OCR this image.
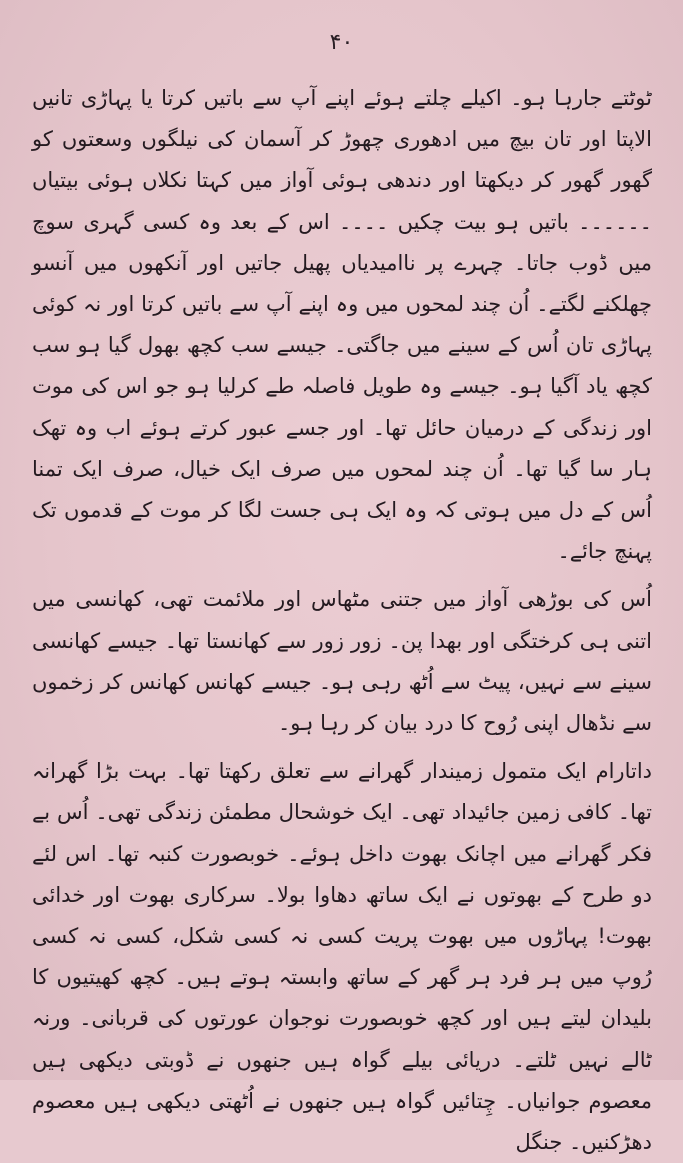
۴۰

ٹوٹتے جارہا ہو۔ اکیلے چلتے ہوئے اپنے آپ سے باتیں کرتا یا پہاڑی تانیں الاپتا اور تان بیچ میں ادھوری چھوڑ کر آسمان کی نیلگوں وسعتوں کو گھور گھور کر دیکھتا اور دندھی ہوئی آواز میں کہتا نکلاں ہوئی بیتیاں ۔۔۔۔۔۔ باتیں ہو بیت چکیں ۔۔۔۔ اس کے بعد وہ کسی گہری سوچ میں ڈوب جاتا۔ چہرے پر ناامیدیاں پھیل جاتیں اور آنکھوں میں آنسو چھلکنے لگتے۔ اُن چند لمحوں میں وہ اپنے آپ سے باتیں کرتا اور نہ کوئی پہاڑی تان اُس کے سینے میں جاگتی۔ جیسے سب کچھ بھول گیا ہو سب کچھ یاد آگیا ہو۔ جیسے وہ طویل فاصلہ طے کرلیا ہو جو اس کی موت اور زندگی کے درمیان حائل تھا۔ اور جسے عبور کرتے ہوئے اب وہ تھک ہار سا گیا تھا۔ اُن چند لمحوں میں صرف ایک خیال، صرف ایک تمنا اُس کے دل میں ہوتی کہ وہ ایک ہی جست لگا کر موت کے قدموں تک پہنچ جائے۔

اُس کی بوڑھی آواز میں جتنی مٹھاس اور ملائمت تھی، کھانسی میں اتنی ہی کرختگی اور بھدا پن۔ زور زور سے کھانستا تھا۔ جیسے کھانسی سینے سے نہیں، پیٹ سے اُٹھ رہی ہو۔ جیسے کھانس کھانس کر زخموں سے نڈھال اپنی رُوح کا درد بیان کر رہا ہو۔

داتارام ایک متمول زمیندار گھرانے سے تعلق رکھتا تھا۔ بہت بڑا گھرانہ تھا۔ کافی زمین جائیداد تھی۔ ایک خوشحال مطمئن زندگی تھی۔ اُس بے فکر گھرانے میں اچانک بھوت داخل ہوئے۔ خوبصورت کنبہ تھا۔ اس لئے دو طرح کے بھوتوں نے ایک ساتھ دھاوا بولا۔ سرکاری بھوت اور خدائی بھوت! پہاڑوں میں بھوت پریت کسی نہ کسی شکل، کسی نہ کسی رُوپ میں ہر فرد ہر گھر کے ساتھ وابستہ ہوتے ہیں۔ کچھ کھیتیوں کا بلیدان لیتے ہیں اور کچھ خوبصورت نوجوان عورتوں کی قربانی۔ ورنہ ٹالے نہیں ٹلتے۔ دریائی بیلے گواہ ہیں جنھوں نے ڈوبتی دیکھی ہیں معصوم جوانیاں۔ چِتائیں گواہ ہیں جنھوں نے اُٹھتی دیکھی ہیں معصوم دھڑکنیں۔ جنگل
